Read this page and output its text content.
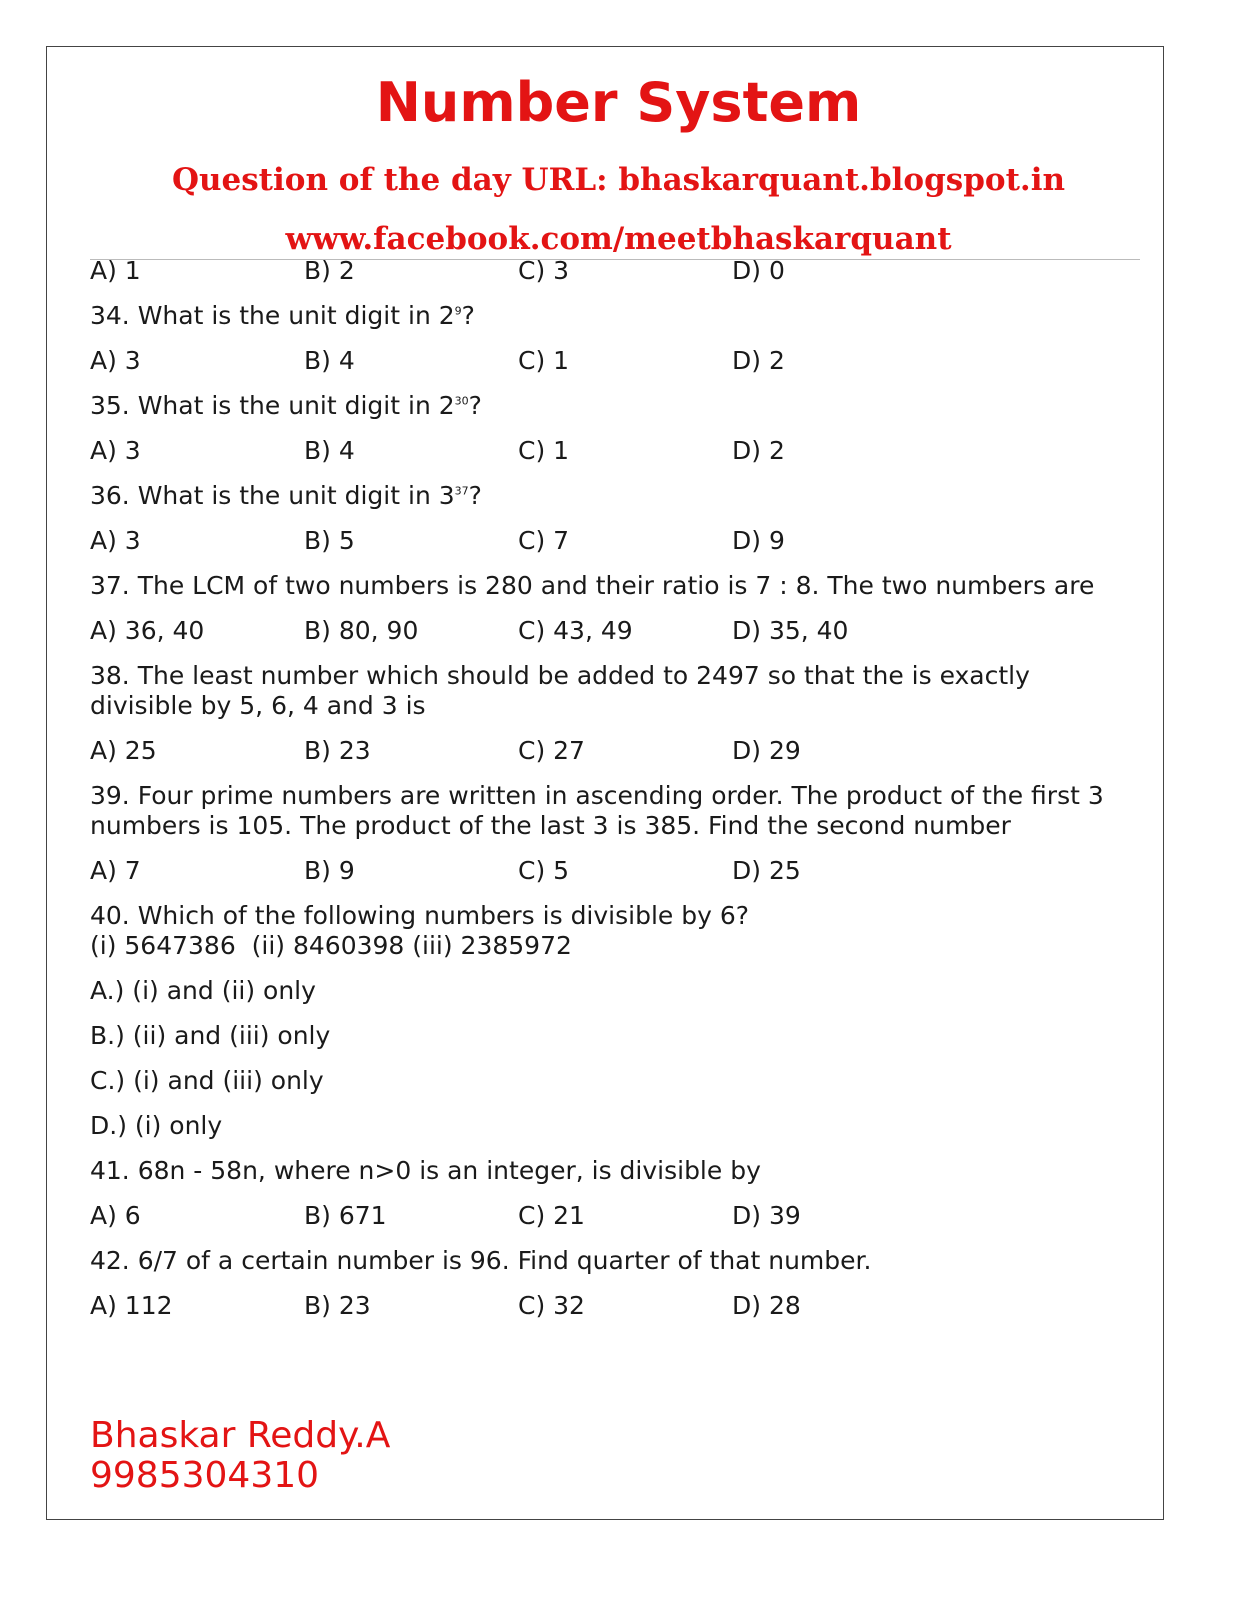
Number System
Question of the day URL: bhaskarquant.blogspot.in
www.facebook.com/meetbhaskarquant
A) 1	B) 2	C) 3	D) 0
34. What is the unit digit in $2^9$?
A) 3	B) 4	C) 1	D) 2
35. What is the unit digit in $2^{30}$?
A) 3	B) 4	C) 1	D) 2
36. What is the unit digit in $3^{37}$?
A) 3	B) 5	C) 7	D) 9
37. The LCM of two numbers is 280 and their ratio is 7 : 8. The two numbers are
A) 36, 40	B) 80, 90	C) 43, 49	D) 35, 40
38. The least number which should be added to 2497 so that the is exactly
divisible by 5, 6, 4 and 3 is
A) 25	B) 23	C) 27	D) 29
39. Four prime numbers are written in ascending order. The product of the first 3
numbers is 105. The product of the last 3 is 385. Find the second number
A) 7	B) 9	C) 5	D) 25
40. Which of the following numbers is divisible by 6?
(i) 5647386  (ii) 8460398 (iii) 2385972
A.) (i) and (ii) only
B.) (ii) and (iii) only
C.) (i) and (iii) only
D.) (i) only
41. 68n - 58n, where n>0 is an integer, is divisible by
A) 6	B) 671	C) 21	D) 39
42. 6/7 of a certain number is 96. Find quarter of that number.
A) 112	B) 23	C) 32	D) 28
Bhaskar Reddy.A
9985304310
